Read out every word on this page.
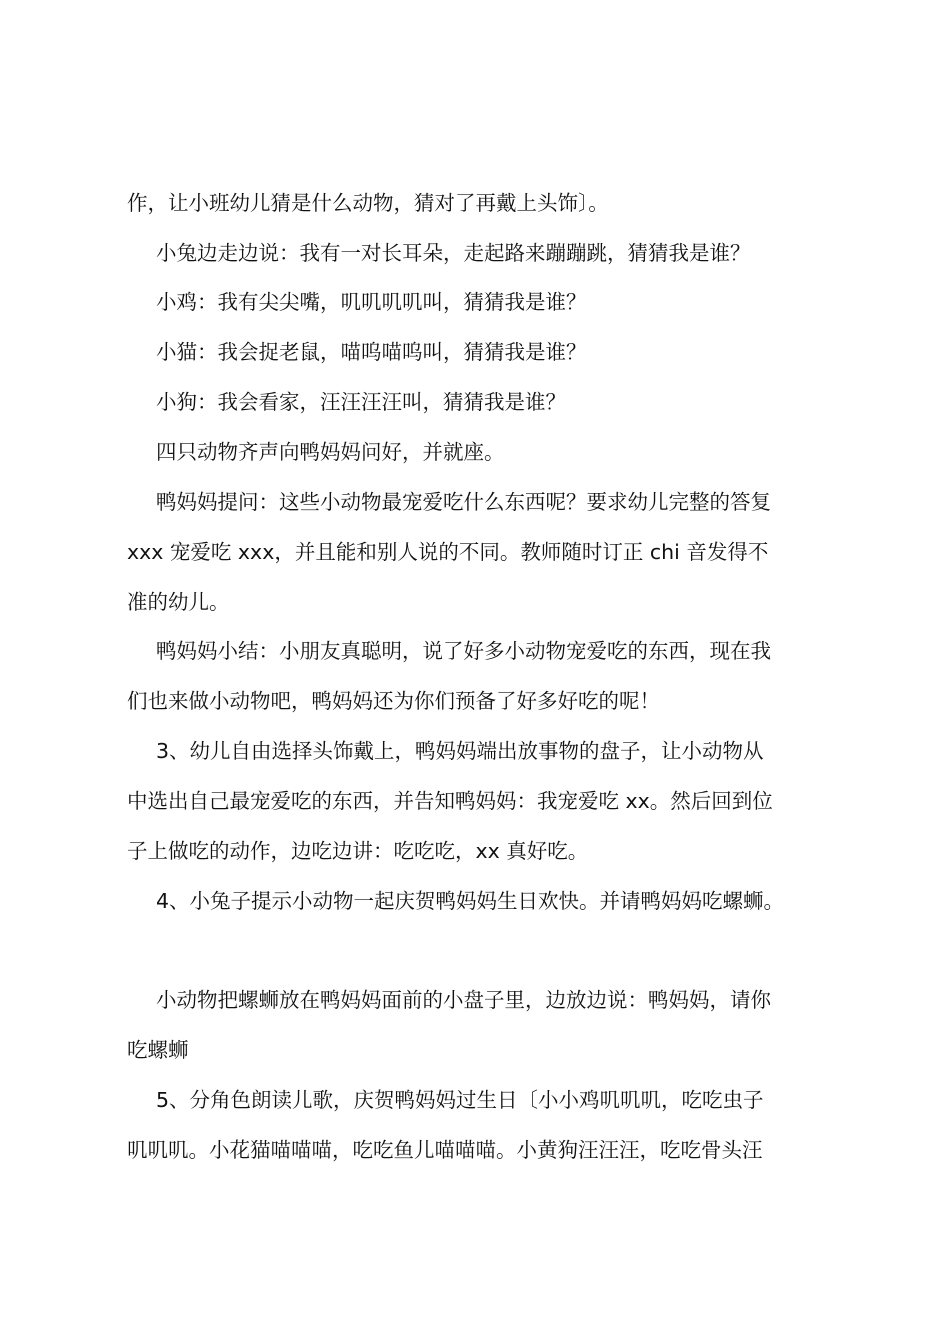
作，让小班幼儿猜是什么动物，猜对了再戴上头饰〕。
小兔边走边说：我有一对长耳朵，走起路来蹦蹦跳，猜猜我是谁？
小鸡：我有尖尖嘴，叽叽叽叽叫，猜猜我是谁？
小猫：我会捉老鼠，喵呜喵呜叫，猜猜我是谁？
小狗：我会看家，汪汪汪汪叫，猜猜我是谁？
四只动物齐声向鸭妈妈问好，并就座。
鸭妈妈提问：这些小动物最宠爱吃什么东西呢？要求幼儿完整的答复
xxx 宠爱吃 xxx，并且能和别人说的不同。教师随时订正 chi 音发得不
准的幼儿。
鸭妈妈小结：小朋友真聪明，说了好多小动物宠爱吃的东西，现在我
们也来做小动物吧，鸭妈妈还为你们预备了好多好吃的呢！
3、幼儿自由选择头饰戴上，鸭妈妈端出放事物的盘子，让小动物从
中选出自己最宠爱吃的东西，并告知鸭妈妈：我宠爱吃 xx。然后回到位
子上做吃的动作，边吃边讲：吃吃吃，xx 真好吃。
4、小兔子提示小动物一起庆贺鸭妈妈生日欢快。并请鸭妈妈吃螺蛳。
小动物把螺蛳放在鸭妈妈面前的小盘子里，边放边说：鸭妈妈，请你
吃螺蛳
5、分角色朗读儿歌，庆贺鸭妈妈过生日〔小小鸡叽叽叽，吃吃虫子
叽叽叽。小花猫喵喵喵，吃吃鱼儿喵喵喵。小黄狗汪汪汪，吃吃骨头汪
